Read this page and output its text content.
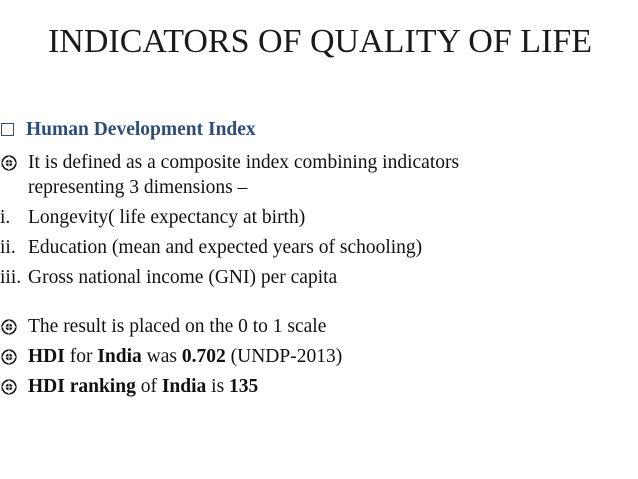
INDICATORS OF QUALITY OF LIFE
Human Development Index
It is defined as a composite index combining indicators
representing 3 dimensions –
i. Longevity( life expectancy at birth)
ii. Education (mean and expected years of schooling)
iii. Gross national income (GNI) per capita
The result is placed on the 0 to 1 scale
HDI for India was 0.702 (UNDP-2013)
HDI ranking of India is 135
